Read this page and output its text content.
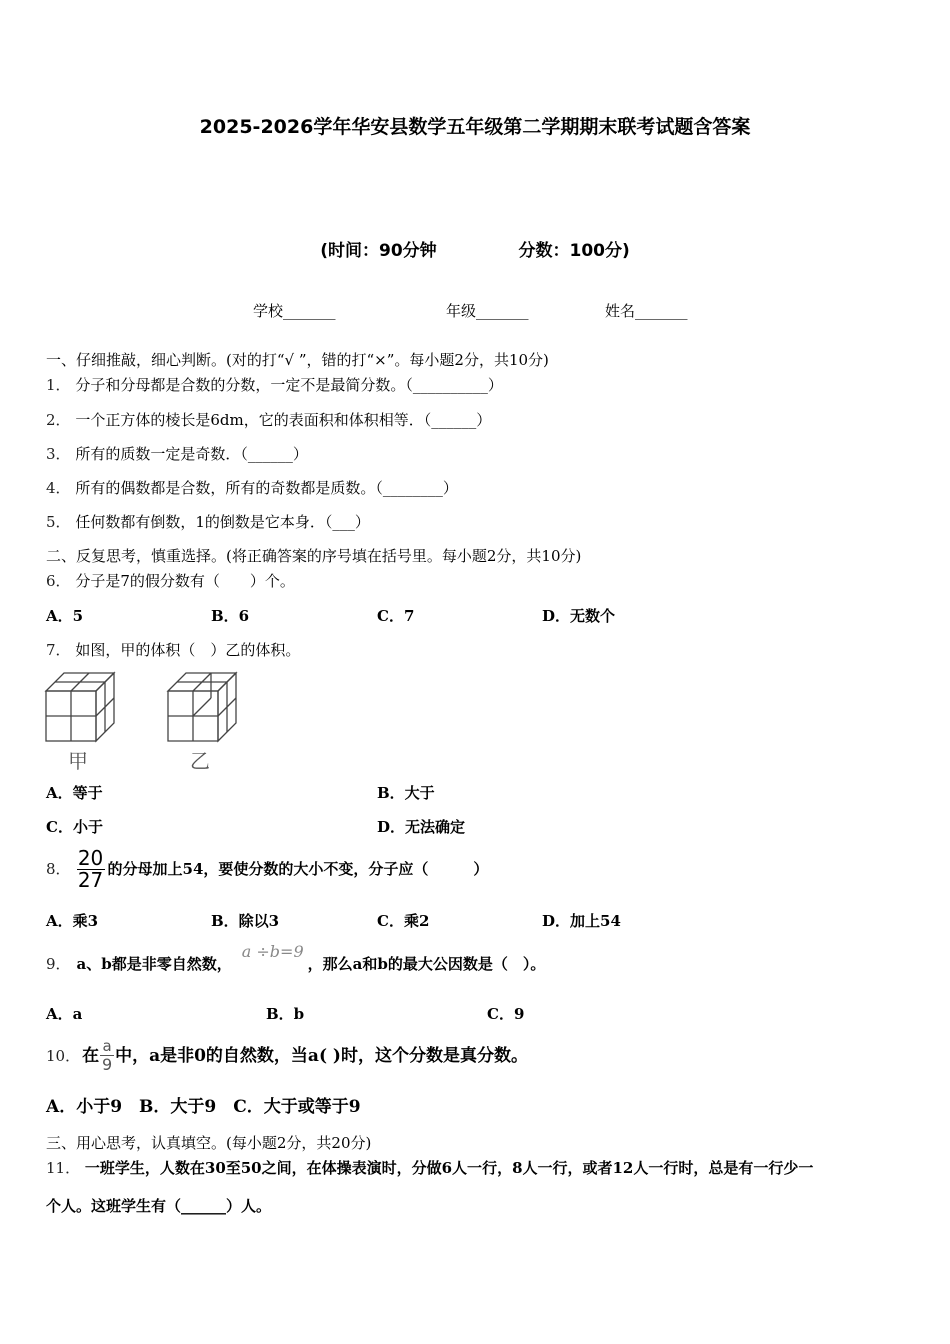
2025-2026学年华安县数学五年级第二学期期末联考试题含答案
(时间：90分钟	分数：100分)
学校_______	年级_______	姓名_______
一、仔细推敲，细心判断。(对的打“√ ”，错的打“×”。每小题2分，共10分)
1． 分子和分母都是合数的分数，一定不是最简分数。（__________）
2． 一个正方体的棱长是6dm，它的表面积和体积相等．（______）
3． 所有的质数一定是奇数．（______）
4． 所有的偶数都是合数，所有的奇数都是质数。（________）
5． 任何数都有倒数，1的倒数是它本身．（___）
二、反复思考，慎重选择。(将正确答案的序号填在括号里。每小题2分，共10分)
6． 分子是7的假分数有（　　）个。
A．5	B．6	C．7	D．无数个
7． 如图，甲的体积（　）乙的体积。
甲	乙
A．等于	B．大于
C．小于	D．无法确定
8． $\frac{20}{27}$ 的分母加上54，要使分数的大小不变，分子应（　　　）
A．乘3	B．除以3	C．乘2	D．加上54
9． a、b都是非零自然数，
a ÷b=9
，那么a和b的最大公因数是（　）。
A．a	B．b	C．9
10． 在 $\frac{a}{9}$ 中，a是非0的自然数，当a( )时，这个分数是真分数。
A．小于9　B．大于9　C．大于或等于9
三、用心思考，认真填空。(每小题2分，共20分)
11． 一班学生，人数在30至50之间，在体操表演时，分做6人一行，8人一行，或者12人一行时，总是有一行少一
个人。这班学生有（______）人。
